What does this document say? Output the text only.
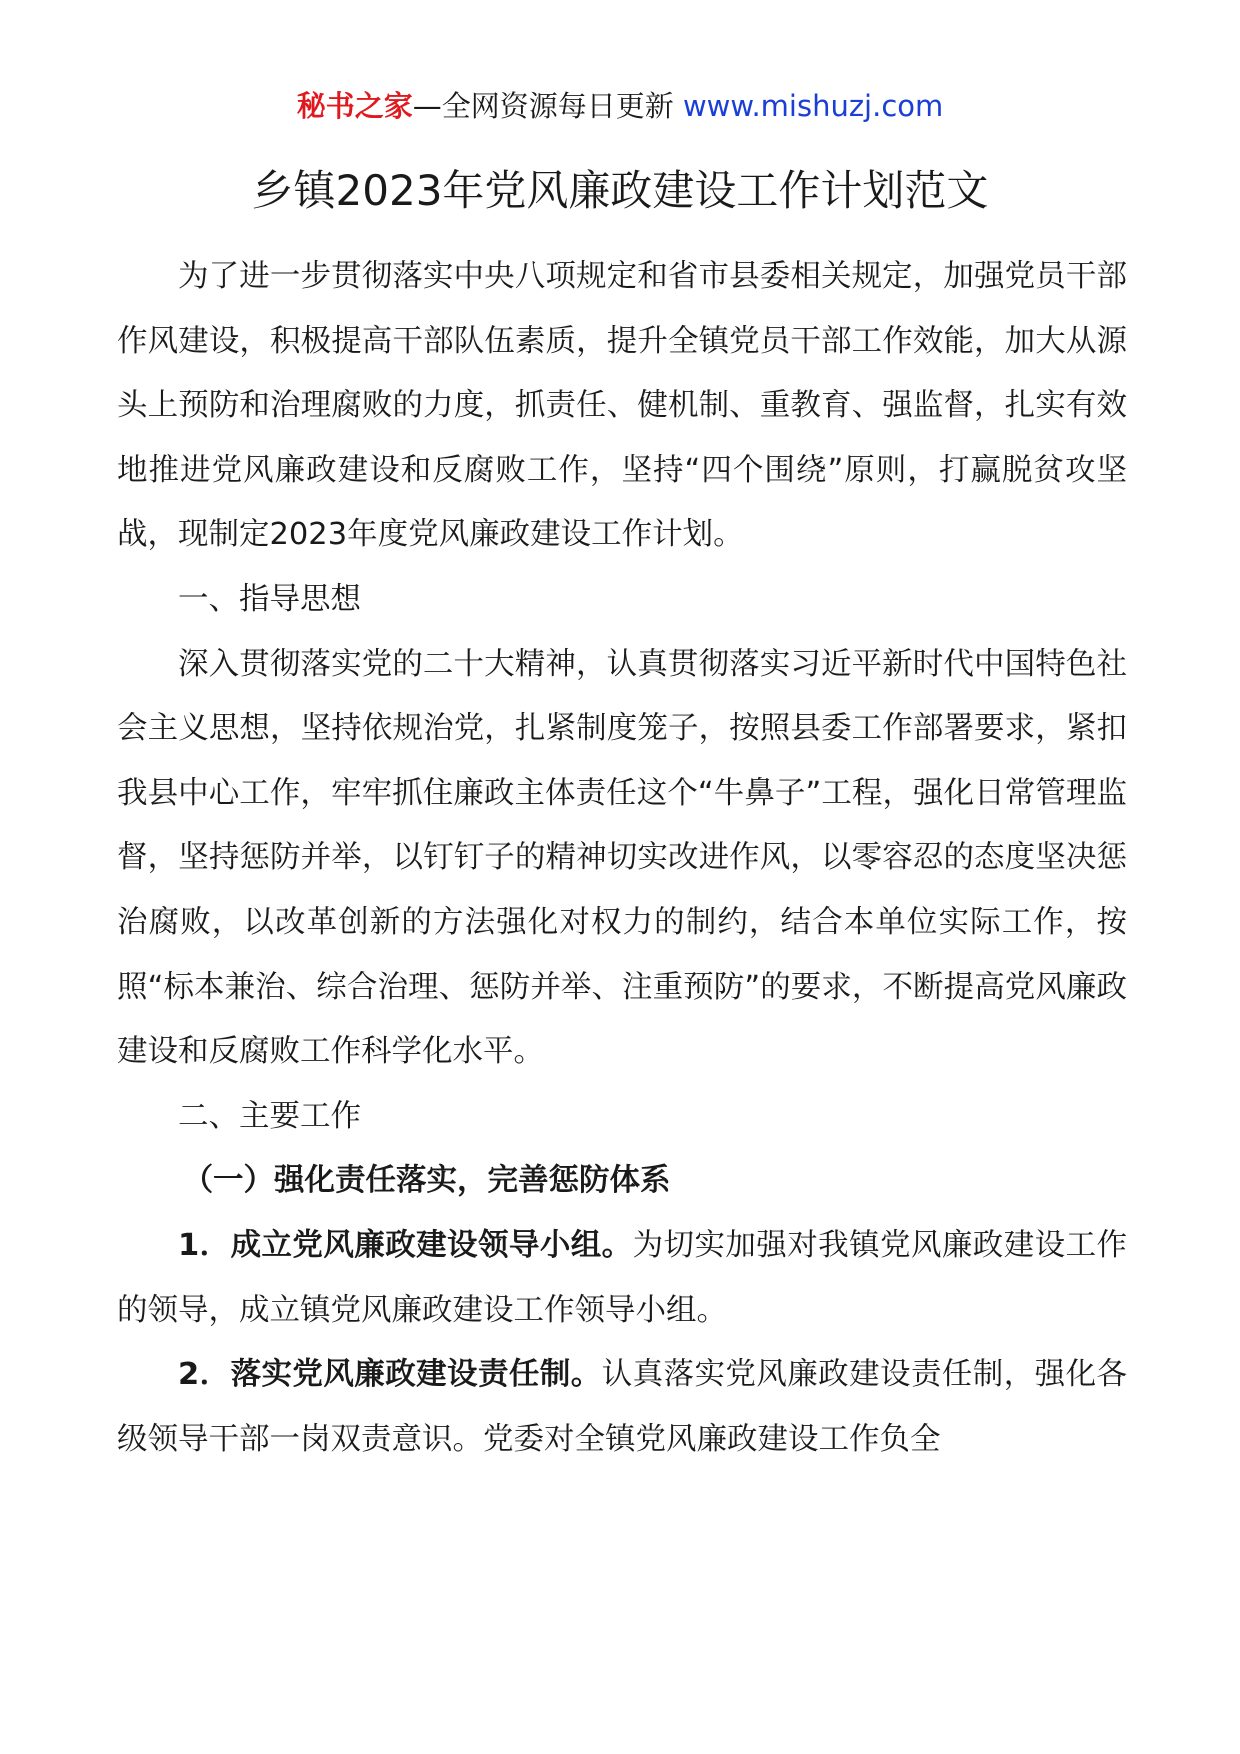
秘书之家—全网资源每日更新 www.mishuzj.com
乡镇2023年党风廉政建设工作计划范文

为了进一步贯彻落实中央八项规定和省市县委相关规定，加强党员干部作风建设，积极提高干部队伍素质，提升全镇党员干部工作效能，加大从源头上预防和治理腐败的力度，抓责任、健机制、重教育、强监督，扎实有效地推进党风廉政建设和反腐败工作，坚持“四个围绕”原则，打赢脱贫攻坚战，现制定2023年度党风廉政建设工作计划。

一、指导思想

深入贯彻落实党的二十大精神，认真贯彻落实习近平新时代中国特色社会主义思想，坚持依规治党，扎紧制度笼子，按照县委工作部署要求，紧扣我县中心工作，牢牢抓住廉政主体责任这个“牛鼻子”工程，强化日常管理监督，坚持惩防并举，以钉钉子的精神切实改进作风，以零容忍的态度坚决惩治腐败，以改革创新的方法强化对权力的制约，结合本单位实际工作，按照“标本兼治、综合治理、惩防并举、注重预防”的要求，不断提高党风廉政建设和反腐败工作科学化水平。

二、主要工作

（一）强化责任落实，完善惩防体系

1．成立党风廉政建设领导小组。为切实加强对我镇党风廉政建设工作的领导，成立镇党风廉政建设工作领导小组。

2．落实党风廉政建设责任制。认真落实党风廉政建设责任制，强化各级领导干部一岗双责意识。党委对全镇党风廉政建设工作负全
